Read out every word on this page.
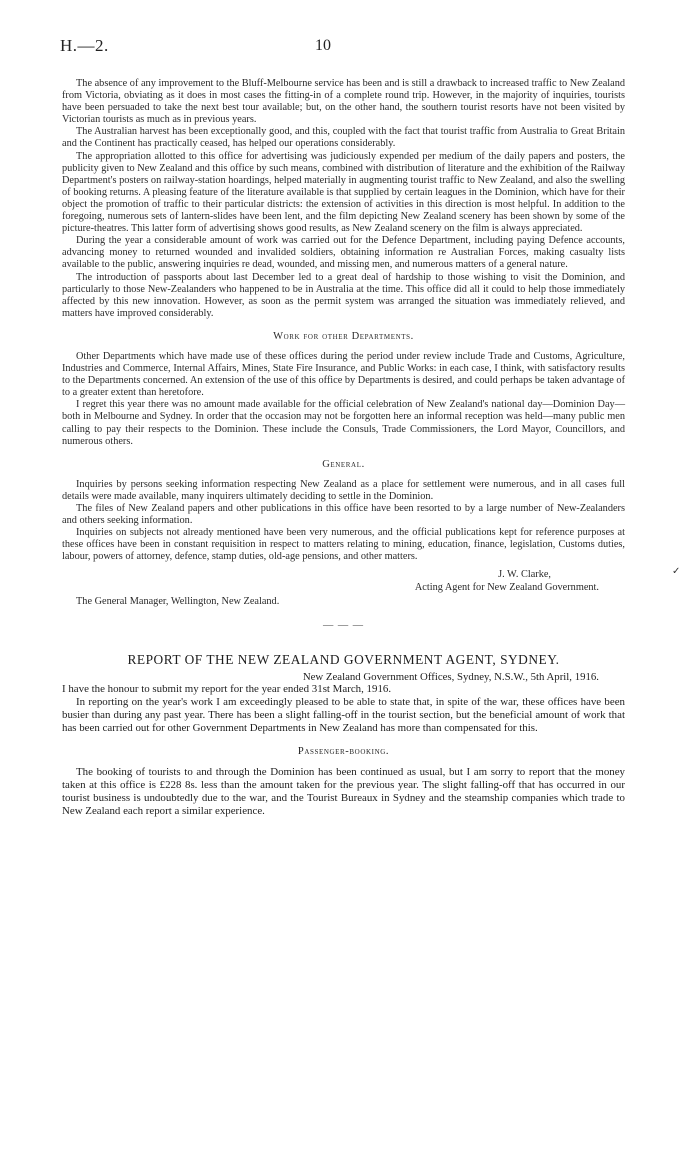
H.—2.	10

The absence of any improvement to the Bluff-Melbourne service has been and is still a drawback to increased traffic to New Zealand from Victoria, obviating as it does in most cases the fitting-in of a complete round trip. However, in the majority of inquiries, tourists have been persuaded to take the next best tour available; but, on the other hand, the southern tourist resorts have not been visited by Victorian tourists as much as in previous years.

The Australian harvest has been exceptionally good, and this, coupled with the fact that tourist traffic from Australia to Great Britain and the Continent has practically ceased, has helped our operations considerably.

The appropriation allotted to this office for advertising was judiciously expended per medium of the daily papers and posters, the publicity given to New Zealand and this office by such means, combined with distribution of literature and the exhibition of the Railway Department's posters on railway-station hoardings, helped materially in augmenting tourist traffic to New Zealand, and also the swelling of booking returns. A pleasing feature of the literature available is that supplied by certain leagues in the Dominion, which have for their object the promotion of traffic to their particular districts: the extension of activities in this direction is most helpful. In addition to the foregoing, numerous sets of lantern-slides have been lent, and the film depicting New Zealand scenery has been shown by some of the picture-theatres. This latter form of advertising shows good results, as New Zealand scenery on the film is always appreciated.

During the year a considerable amount of work was carried out for the Defence Department, including paying Defence accounts, advancing money to returned wounded and invalided soldiers, obtaining information re Australian Forces, making casualty lists available to the public, answering inquiries re dead, wounded, and missing men, and numerous matters of a general nature.

The introduction of passports about last December led to a great deal of hardship to those wishing to visit the Dominion, and particularly to those New-Zealanders who happened to be in Australia at the time. This office did all it could to help those immediately affected by this new innovation. However, as soon as the permit system was arranged the situation was immediately relieved, and matters have improved considerably.

Work for other Departments.

Other Departments which have made use of these offices during the period under review include Trade and Customs, Agriculture, Industries and Commerce, Internal Affairs, Mines, State Fire Insurance, and Public Works: in each case, I think, with satisfactory results to the Departments concerned. An extension of the use of this office by Departments is desired, and could perhaps be taken advantage of to a greater extent than heretofore.

I regret this year there was no amount made available for the official celebration of New Zealand's national day—Dominion Day—both in Melbourne and Sydney. In order that the occasion may not be forgotten here an informal reception was held—many public men calling to pay their respects to the Dominion. These include the Consuls, Trade Commissioners, the Lord Mayor, Councillors, and numerous others.

General.

Inquiries by persons seeking information respecting New Zealand as a place for settlement were numerous, and in all cases full details were made available, many inquirers ultimately deciding to settle in the Dominion.

The files of New Zealand papers and other publications in this office have been resorted to by a large number of New-Zealanders and others seeking information.

Inquiries on subjects not already mentioned have been very numerous, and the official publications kept for reference purposes at these offices have been in constant requisition in respect to matters relating to mining, education, finance, legislation, Customs duties, labour, powers of attorney, defence, stamp duties, old-age pensions, and other matters.

J. W. Clarke,
Acting Agent for New Zealand Government.
The General Manager, Wellington, New Zealand.
— — —
REPORT OF THE NEW ZEALAND GOVERNMENT AGENT, SYDNEY.
New Zealand Government Offices, Sydney, N.S.W., 5th April, 1916.

I have the honour to submit my report for the year ended 31st March, 1916.

In reporting on the year's work I am exceedingly pleased to be able to state that, in spite of the war, these offices have been busier than during any past year. There has been a slight falling-off in the tourist section, but the beneficial amount of work that has been carried out for other Government Departments in New Zealand has more than compensated for this.

Passenger-booking.

The booking of tourists to and through the Dominion has been continued as usual, but I am sorry to report that the money taken at this office is £228 8s. less than the amount taken for the previous year. The slight falling-off that has occurred in our tourist business is undoubtedly due to the war, and the Tourist Bureaux in Sydney and the steamship companies which trade to New Zealand each report a similar experience.

✓
